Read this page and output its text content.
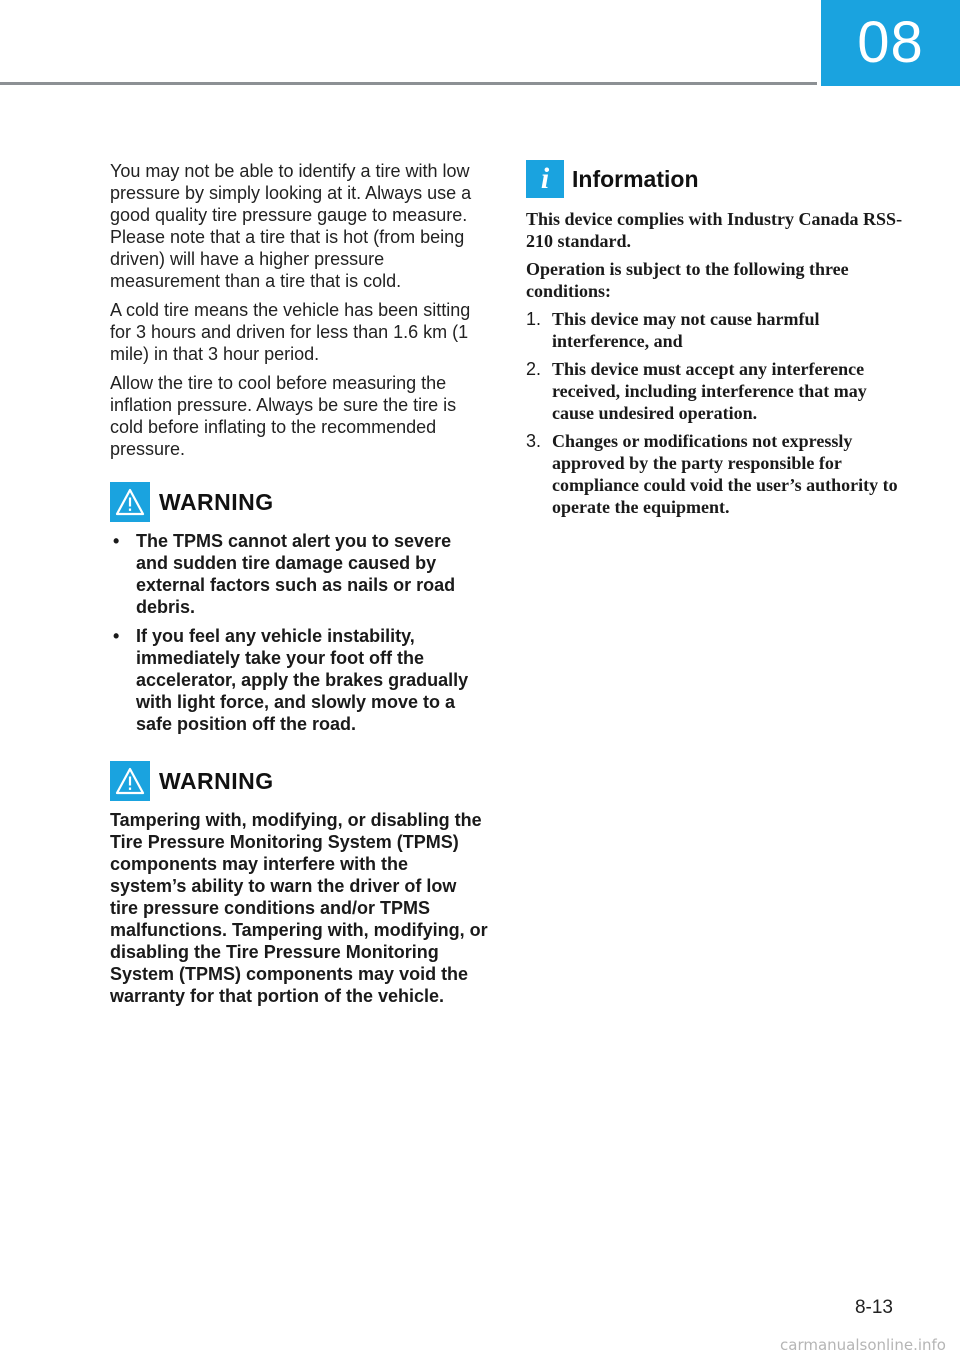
08

You may not be able to identify a tire with low pressure by simply looking at it. Always use a good quality tire pressure gauge to measure. Please note that a tire that is hot (from being driven) will have a higher pressure measurement than a tire that is cold.

A cold tire means the vehicle has been sitting for 3 hours and driven for less than 1.6 km (1 mile) in that 3 hour period.

Allow the tire to cool before measuring the inflation pressure. Always be sure the tire is cold before inflating to the recommended pressure.

WARNING
• The TPMS cannot alert you to severe and sudden tire damage caused by external factors such as nails or road debris.
• If you feel any vehicle instability, immediately take your foot off the accelerator, apply the brakes gradually with light force, and slowly move to a safe position off the road.
WARNING

Tampering with, modifying, or disabling the Tire Pressure Monitoring System (TPMS) components may interfere with the system’s ability to warn the driver of low tire pressure conditions and/or TPMS malfunctions. Tampering with, modifying, or disabling the Tire Pressure Monitoring System (TPMS) components may void the warranty for that portion of the vehicle.

i Information

This device complies with Industry Canada RSS-210 standard.

Operation is subject to the following three conditions:

1. This device may not cause harmful interference, and
2. This device must accept any interference received, including interference that may cause undesired operation.
3. Changes or modifications not expressly approved by the party responsible for compliance could void the user’s authority to operate the equipment.
8-13
carmanualsonline.info
